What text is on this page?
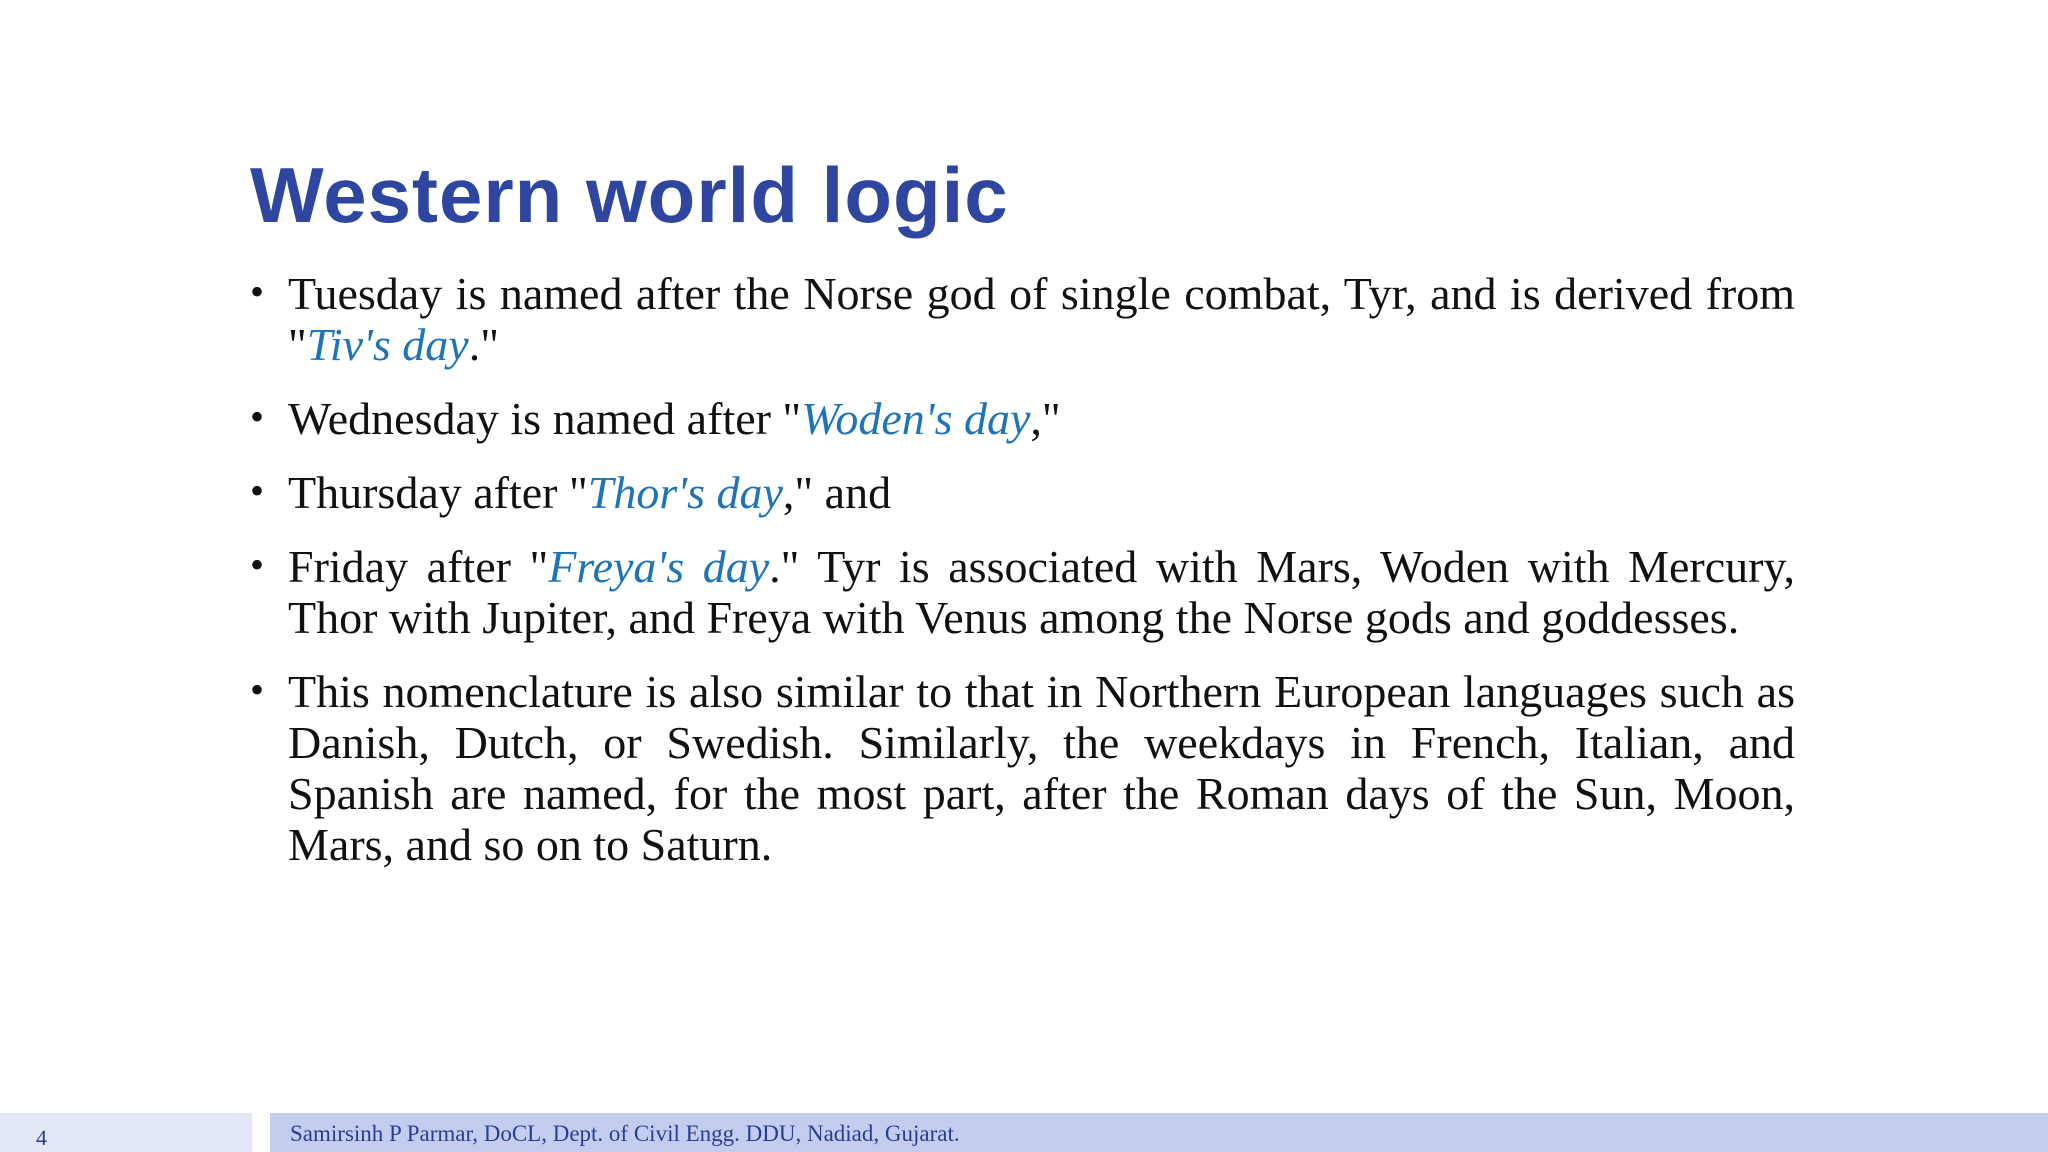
Western world logic
• Tuesday is named after the Norse god of single combat, Tyr, and is derived from "Tiv's day."
• Wednesday is named after "Woden's day,"
• Thursday after "Thor's day," and
• Friday after "Freya's day." Tyr is associated with Mars, Woden with Mercury, Thor with Jupiter, and Freya with Venus among the Norse gods and goddesses.
• This nomenclature is also similar to that in Northern European languages such as Danish, Dutch, or Swedish. Similarly, the weekdays in French, Italian, and Spanish are named, for the most part, after the Roman days of the Sun, Moon, Mars, and so on to Saturn.
4	Samirsinh P Parmar, DoCL, Dept. of Civil Engg. DDU, Nadiad, Gujarat.
